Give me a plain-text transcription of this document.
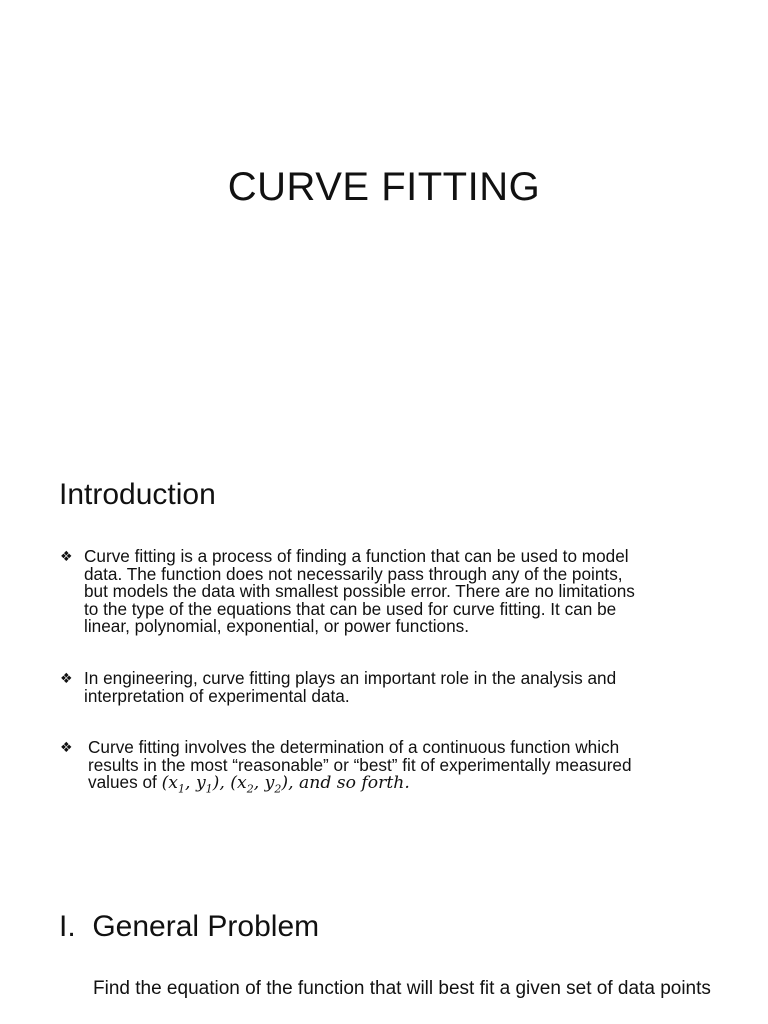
CURVE FITTING
Introduction
❖ Curve fitting is a process of finding a function that can be used to model
data. The function does not necessarily pass through any of the points,
but models the data with smallest possible error. There are no limitations
to the type of the equations that can be used for curve fitting. It can be
linear, polynomial, exponential, or power functions.
❖ In engineering, curve fitting plays an important role in the analysis and
interpretation of experimental data.
❖ Curve fitting involves the determination of a continuous function which
results in the most “reasonable” or “best” fit of experimentally measured
values of ($x_1$, $y_1$), ($x_2$, $y_2$), and so forth.
I.  General Problem

Find the equation of the function that will best fit a given set of data points
